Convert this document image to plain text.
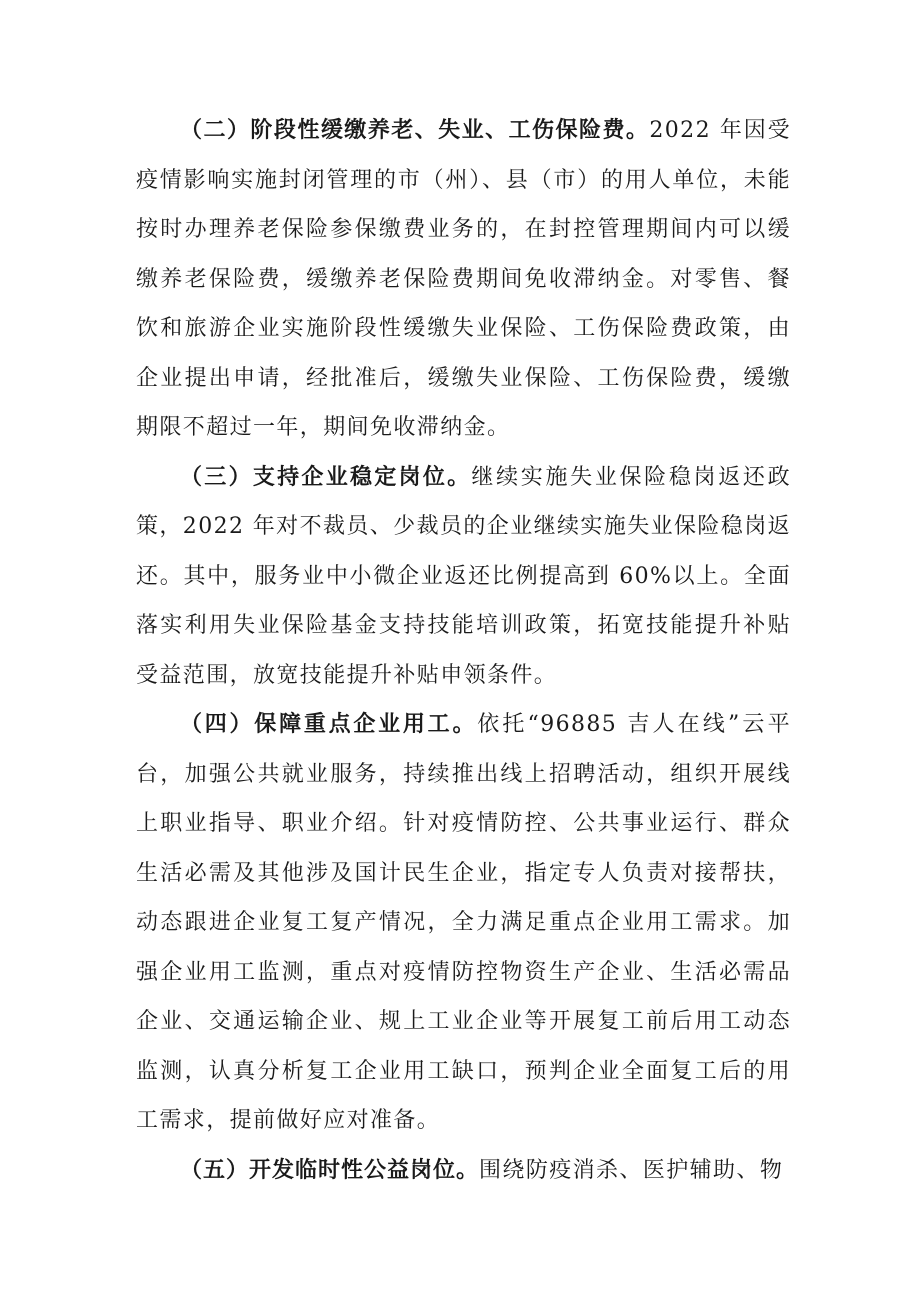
（二）阶段性缓缴养老、失业、工伤保险费。2022 年因受疫情影响实施封闭管理的市（州）、县（市）的用人单位，未能按时办理养老保险参保缴费业务的，在封控管理期间内可以缓缴养老保险费，缓缴养老保险费期间免收滞纳金。对零售、餐饮和旅游企业实施阶段性缓缴失业保险、工伤保险费政策，由企业提出申请，经批准后，缓缴失业保险、工伤保险费，缓缴期限不超过一年，期间免收滞纳金。

（三）支持企业稳定岗位。继续实施失业保险稳岗返还政策，2022 年对不裁员、少裁员的企业继续实施失业保险稳岗返还。其中，服务业中小微企业返还比例提高到 60%以上。全面落实利用失业保险基金支持技能培训政策，拓宽技能提升补贴受益范围，放宽技能提升补贴申领条件。

（四）保障重点企业用工。依托“96885 吉人在线”云平台，加强公共就业服务，持续推出线上招聘活动，组织开展线上职业指导、职业介绍。针对疫情防控、公共事业运行、群众生活必需及其他涉及国计民生企业，指定专人负责对接帮扶，动态跟进企业复工复产情况，全力满足重点企业用工需求。加强企业用工监测，重点对疫情防控物资生产企业、生活必需品企业、交通运输企业、规上工业企业等开展复工前后用工动态监测，认真分析复工企业用工缺口，预判企业全面复工后的用工需求，提前做好应对准备。

（五）开发临时性公益岗位。围绕防疫消杀、医护辅助、物
